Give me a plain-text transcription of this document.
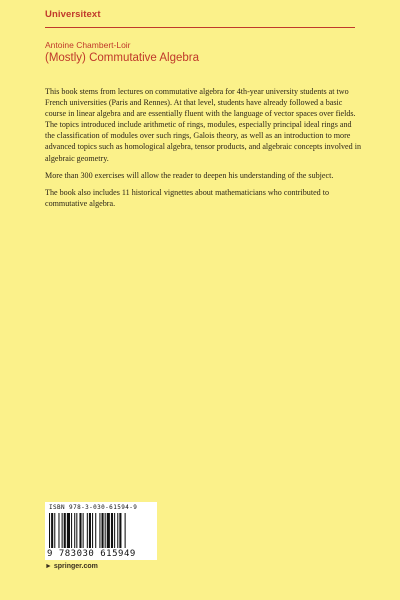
Universitext
Antoine Chambert-Loir
(Mostly) Commutative Algebra

This book stems from lectures on commutative algebra for 4th-year university students at two French universities (Paris and Rennes). At that level, students have already followed a basic course in linear algebra and are essentially fluent with the language of vector spaces over fields. The topics introduced include arithmetic of rings, modules, especially principal ideal rings and the classification of modules over such rings, Galois theory, as well as an introduction to more advanced topics such as homological algebra, tensor products, and algebraic concepts involved in algebraic geometry.

More than 300 exercises will allow the reader to deepen his understanding of the subject.

The book also includes 11 historical vignettes about mathematicians who contributed to commutative algebra.

ISBN 978-3-030-61594-9
9 783030 615949
► springer.com
